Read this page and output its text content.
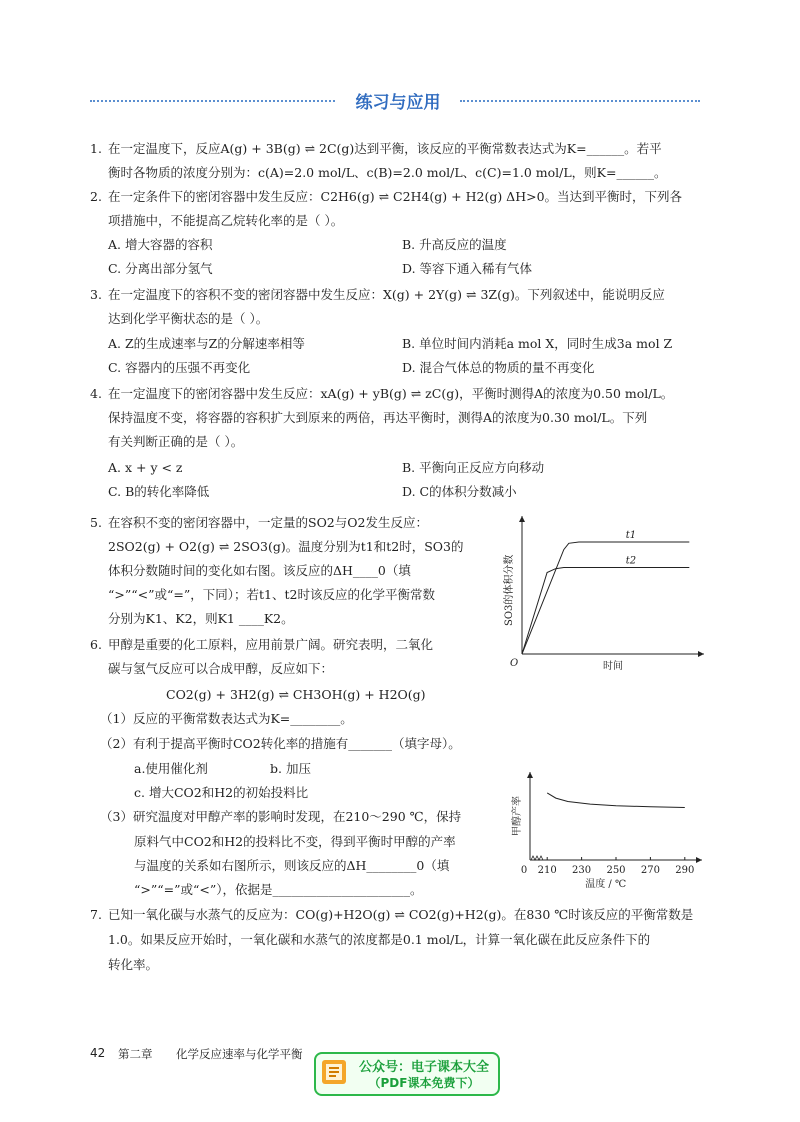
练习与应用
1. 在一定温度下，反应A(g) + 3B(g) ⇌ 2C(g)达到平衡，该反应的平衡常数表达式为K=______。若平
衡时各物质的浓度分别为：c(A)=2.0 mol/L、c(B)=2.0 mol/L、c(C)=1.0 mol/L，则K=______。
2. 在一定条件下的密闭容器中发生反应：C2H6(g) ⇌ C2H4(g) + H2(g) ΔH>0。当达到平衡时，下列各
项措施中，不能提高乙烷转化率的是（ ）。
A. 增大容器的容积	B. 升高反应的温度
C. 分离出部分氢气	D. 等容下通入稀有气体
3. 在一定温度下的容积不变的密闭容器中发生反应：X(g) + 2Y(g) ⇌ 3Z(g)。下列叙述中，能说明反应
达到化学平衡状态的是（ ）。
A. Z的生成速率与Z的分解速率相等	B. 单位时间内消耗a mol X，同时生成3a mol Z
C. 容器内的压强不再变化	D. 混合气体总的物质的量不再变化
4. 在一定温度下的密闭容器中发生反应：xA(g) + yB(g) ⇌ zC(g)，平衡时测得A的浓度为0.50 mol/L。
保持温度不变，将容器的容积扩大到原来的两倍，再达平衡时，测得A的浓度为0.30 mol/L。下列
有关判断正确的是（ ）。
A. x + y < z	B. 平衡向正反应方向移动
C. B的转化率降低	D. C的体积分数减小
5. 在容积不变的密闭容器中，一定量的SO2与O2发生反应：
2SO2(g) + O2(g) ⇌ 2SO3(g)。温度分别为t1和t2时，SO3的
体积分数随时间的变化如右图。该反应的ΔH____0（填
“>”“<”或“=”，下同）；若t1、t2时该反应的化学平衡常数
分别为K1、K2，则K1 ____K2。
t1
t2
O	时间
SO3的体积分数
6. 甲醇是重要的化工原料，应用前景广阔。研究表明，二氧化
碳与氢气反应可以合成甲醇，反应如下：
CO2(g) + 3H2(g) ⇌ CH3OH(g) + H2O(g)
（1）反应的平衡常数表达式为K=________。
（2）有利于提高平衡时CO2转化率的措施有_______（填字母）。
a.使用催化剂	b. 加压
c. 增大CO2和H2的初始投料比
（3）研究温度对甲醇产率的影响时发现，在210～290 ℃，保持
原料气中CO2和H2的投料比不变，得到平衡时甲醇的产率
与温度的关系如右图所示，则该反应的ΔH________0（填
“>”“=”或“<”），依据是______________________。
210 230 250 270 290
0
温度 / ℃
甲醇产率
7. 已知一氧化碳与水蒸气的反应为：CO(g)+H2O(g) ⇌ CO2(g)+H2(g)。在830 ℃时该反应的平衡常数是
1.0。如果反应开始时，一氧化碳和水蒸气的浓度都是0.1 mol/L，计算一氧化碳在此反应条件下的
转化率。
42 第二章 化学反应速率与化学平衡
公众号：电子课本大全
（PDF课本免费下）
